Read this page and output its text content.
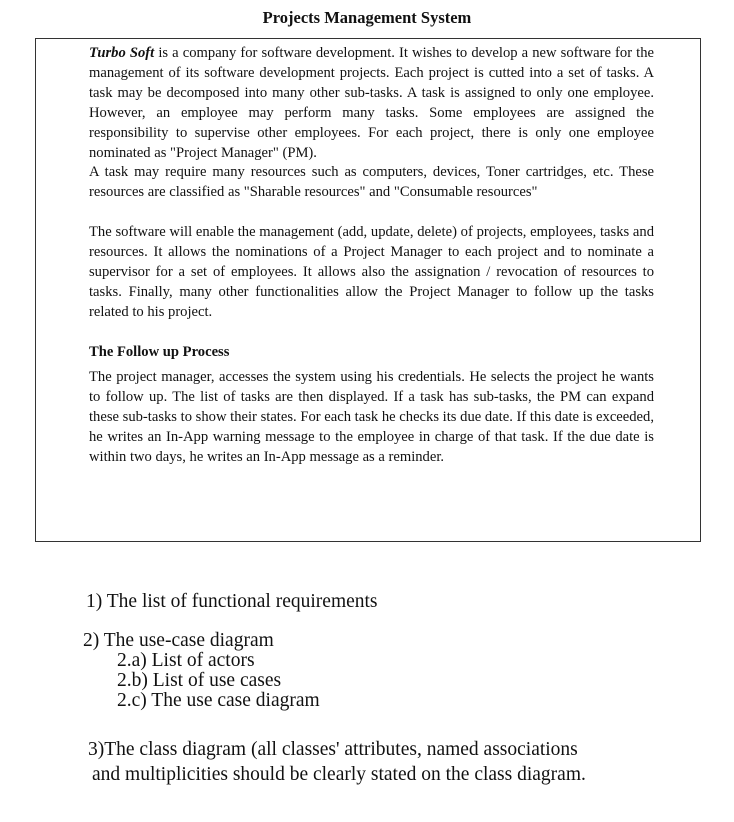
Projects Management System

Turbo Soft is a company for software development. It wishes to develop a new software for the management of its software development projects. Each project is cutted into a set of tasks. A task may be decomposed into many other sub-tasks. A task is assigned to only one employee. However, an employee may perform many tasks. Some employees are assigned the responsibility to supervise other employees. For each project, there is only one employee nominated as "Project Manager" (PM).

A task may require many resources such as computers, devices, Toner cartridges, etc. These resources are classified as "Sharable resources" and "Consumable resources"

The software will enable the management (add, update, delete) of projects, employees, tasks and resources. It allows the nominations of a Project Manager to each project and to nominate a supervisor for a set of employees. It allows also the assignation / revocation of resources to tasks. Finally, many other functionalities allow the Project Manager to follow up the tasks related to his project.

The Follow up Process

The project manager, accesses the system using his credentials. He selects the project he wants to follow up. The list of tasks are then displayed. If a task has sub-tasks, the PM can expand these sub-tasks to show their states. For each task he checks its due date. If this date is exceeded, he writes an In-App warning message to the employee in charge of that task. If the due date is within two days, he writes an In-App message as a reminder.

1) The list of functional requirements
2) The use-case diagram
2.a) List of actors
2.b) List of use cases
2.c) The use case diagram
3)The class diagram (all classes' attributes, named associations
and multiplicities should be clearly stated on the class diagram.
